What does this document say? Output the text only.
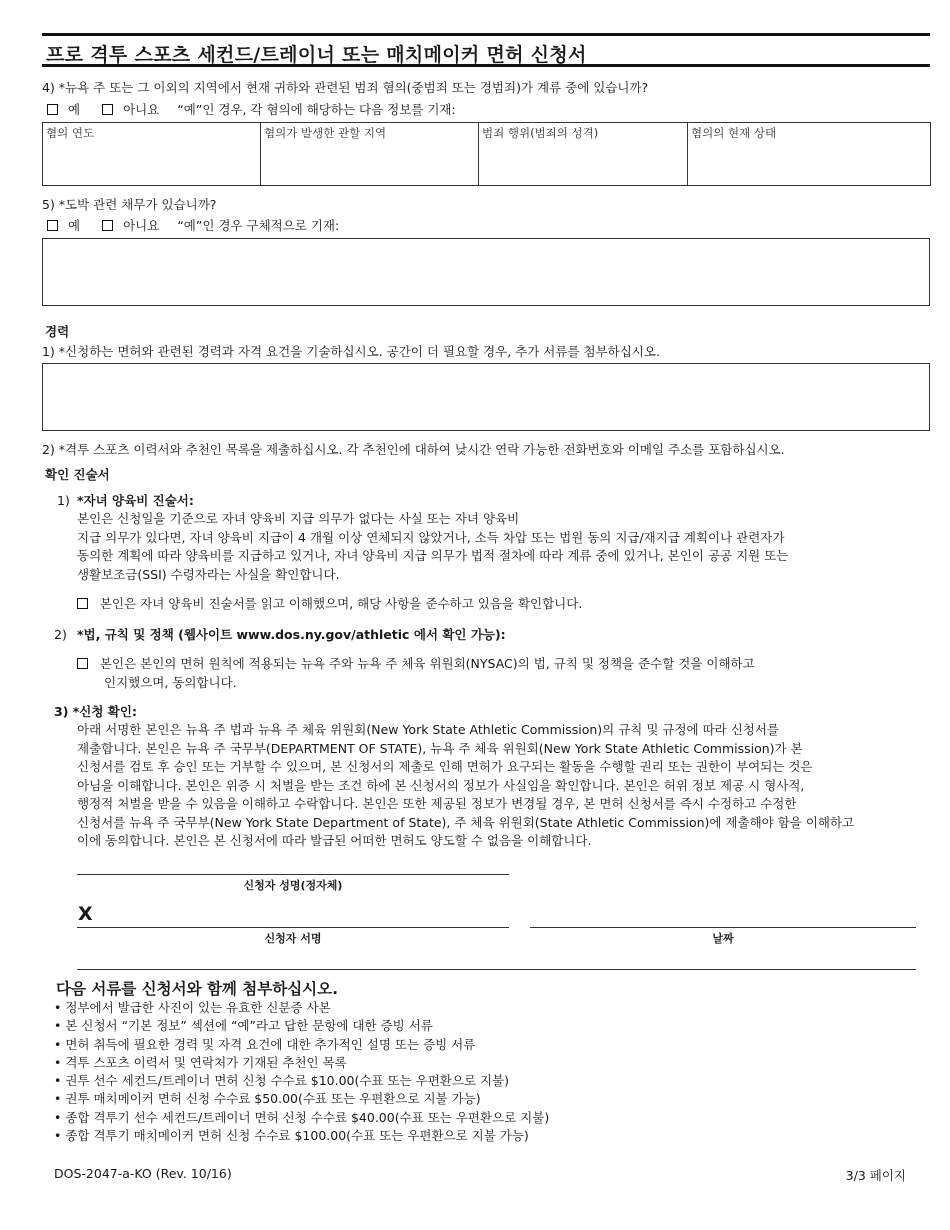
프로 격투 스포츠 세컨드/트레이너 또는 매치메이커 면허 신청서
4) *뉴욕 주 또는 그 이외의 지역에서 현재 귀하와 관련된 범죄 혐의(중범죄 또는 경범죄)가 계류 중에 있습니까?
예	아니요 “예”인 경우, 각 혐의에 해당하는 다음 정보를 기재:
혐의 연도	혐의가 발생한 관할 지역	범죄 행위(범죄의 성격)	혐의의 현재 상태
5) *도박 관련 채무가 있습니까?
예	아니요 “예”인 경우 구체적으로 기재:
경력
1) *신청하는 면허와 관련된 경력과 자격 요건을 기술하십시오. 공간이 더 필요할 경우, 추가 서류를 첨부하십시오.
2) *격투 스포츠 이력서와 추천인 목록을 제출하십시오. 각 추천인에 대하여 낮시간 연락 가능한 전화번호와 이메일 주소를 포함하십시오.
확인 진술서
1) *자녀 양육비 진술서:
본인은 신청일을 기준으로 자녀 양육비 지급 의무가 없다는 사실 또는 자녀 양육비
지급 의무가 있다면, 자녀 양육비 지급이 4 개월 이상 연체되지 않았거나, 소득 차압 또는 법원 동의 지급/재지급 계획이나 관련자가
동의한 계획에 따라 양육비를 지급하고 있거나, 자녀 양육비 지급 의무가 법적 절차에 따라 계류 중에 있거나, 본인이 공공 지원 또는
생활보조금(SSI) 수령자라는 사실을 확인합니다.
본인은 자녀 양육비 진술서를 읽고 이해했으며, 해당 사항을 준수하고 있음을 확인합니다.
2) *법, 규칙 및 정책 (웹사이트 www.dos.ny.gov/athletic 에서 확인 가능):
본인은 본인의 면허 원칙에 적용되는 뉴욕 주와 뉴욕 주 체육 위원회(NYSAC)의 법, 규칙 및 정책을 준수할 것을 이해하고
인지했으며, 동의합니다.
3) *신청 확인:
아래 서명한 본인은 뉴욕 주 법과 뉴욕 주 체육 위원회(New York State Athletic Commission)의 규칙 및 규정에 따라 신청서를
제출합니다. 본인은 뉴욕 주 국무부(DEPARTMENT OF STATE), 뉴욕 주 체육 위원회(New York State Athletic Commission)가 본
신청서를 검토 후 승인 또는 거부할 수 있으며, 본 신청서의 제출로 인해 면허가 요구되는 활동을 수행할 권리 또는 권한이 부여되는 것은
아님을 이해합니다. 본인은 위증 시 처벌을 받는 조건 하에 본 신청서의 정보가 사실임을 확인합니다. 본인은 허위 정보 제공 시 형사적,
행정적 처벌을 받을 수 있음을 이해하고 수락합니다. 본인은 또한 제공된 정보가 변경될 경우, 본 면허 신청서를 즉시 수정하고 수정한
신청서를 뉴욕 주 국무부(New York State Department of State), 주 체육 위원회(State Athletic Commission)에 제출해야 함을 이해하고
이에 동의합니다. 본인은 본 신청서에 따라 발급된 어떠한 면허도 양도할 수 없음을 이해합니다.
신청자 성명(정자체)
X
신청자 서명	날짜
다음 서류를 신청서와 함께 첨부하십시오.
• 정부에서 발급한 사진이 있는 유효한 신분증 사본
• 본 신청서 “기본 정보” 섹션에 “예”라고 답한 문항에 대한 증빙 서류
• 면허 취득에 필요한 경력 및 자격 요건에 대한 추가적인 설명 또는 증빙 서류
• 격투 스포츠 이력서 및 연락처가 기재된 추천인 목록
• 권투 선수 세컨드/트레이너 면허 신청 수수료 $10.00(수표 또는 우편환으로 지불)
• 권투 매치메이커 면허 신청 수수료 $50.00(수표 또는 우편환으로 지불 가능)
• 종합 격투기 선수 세컨드/트레이너 면허 신청 수수료 $40.00(수표 또는 우편환으로 지불)
• 종합 격투기 매치메이커 면허 신청 수수료 $100.00(수표 또는 우편환으로 지불 가능)
DOS-2047-a-KO (Rev. 10/16)	3/3 페이지
